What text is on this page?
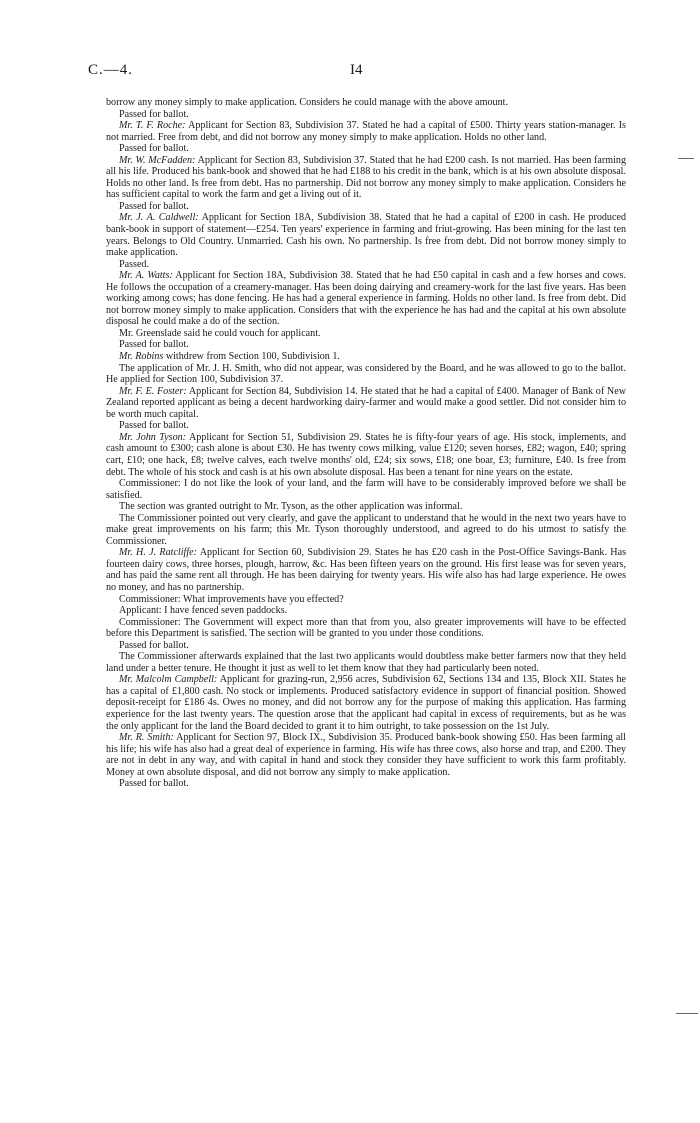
C.—4.	I4

borrow any money simply to make application. Considers he could manage with the above amount.

Passed for ballot.

Mr. T. F. Roche: Applicant for Section 83, Subdivision 37. Stated he had a capital of £500. Thirty years station-manager. Is not married. Free from debt, and did not borrow any money simply to make application. Holds no other land.

Passed for ballot.

Mr. W. McFadden: Applicant for Section 83, Subdivision 37. Stated that he had £200 cash. Is not married. Has been farming all his life. Produced his bank-book and showed that he had £188 to his credit in the bank, which is at his own absolute disposal. Holds no other land. Is free from debt. Has no partnership. Did not borrow any money simply to make application. Considers he has sufficient capital to work the farm and get a living out of it.

Passed for ballot.

Mr. J. A. Caldwell: Applicant for Section 18A, Subdivision 38. Stated that he had a capital of £200 in cash. He produced bank-book in support of statement—£254. Ten years' experience in farming and friut-growing. Has been mining for the last ten years. Belongs to Old Country. Unmarried. Cash his own. No partnership. Is free from debt. Did not borrow money simply to make application.

Passed.

Mr. A. Watts: Applicant for Section 18A, Subdivision 38. Stated that he had £50 capital in cash and a few horses and cows. He follows the occupation of a creamery-manager. Has been doing dairying and creamery-work for the last five years. Has been working among cows; has done fencing. He has had a general experience in farming. Holds no other land. Is free from debt. Did not borrow money simply to make application. Considers that with the experience he has had and the capital at his own absolute disposal he could make a do of the section.

Mr. Greenslade said he could vouch for applicant.

Passed for ballot.

Mr. Robins withdrew from Section 100, Subdivision 1.

The application of Mr. J. H. Smith, who did not appear, was considered by the Board, and he was allowed to go to the ballot. He applied for Section 100, Subdivision 37.

Mr. F. E. Foster: Applicant for Section 84, Subdivision 14. He stated that he had a capital of £400. Manager of Bank of New Zealand reported applicant as being a decent hardworking dairy-farmer and would make a good settler. Did not consider him to be worth much capital.

Passed for ballot.

Mr. John Tyson: Applicant for Section 51, Subdivision 29. States he is fifty-four years of age. His stock, implements, and cash amount to £300; cash alone is about £30. He has twenty cows milking, value £120; seven horses, £82; wagon, £40; spring cart, £10; one hack, £8; twelve calves, each twelve months' old, £24; six sows, £18; one boar, £3; furniture, £40. Is free from debt. The whole of his stock and cash is at his own absolute disposal. Has been a tenant for nine years on the estate.

Commissioner: I do not like the look of your land, and the farm will have to be considerably improved before we shall be satisfied.

The section was granted outright to Mr. Tyson, as the other application was informal.

The Commissioner pointed out very clearly, and gave the applicant to understand that he would in the next two years have to make great improvements on his farm; this Mr. Tyson thoroughly understood, and agreed to do his utmost to satisfy the Commissioner.

Mr. H. J. Ratcliffe: Applicant for Section 60, Subdivision 29. States he has £20 cash in the Post-Office Savings-Bank. Has fourteen dairy cows, three horses, plough, harrow, &c. Has been fifteen years on the ground. His first lease was for seven years, and has paid the same rent all through. He has been dairying for twenty years. His wife also has had large experience. He owes no money, and has no partnership.

Commissioner: What improvements have you effected?

Applicant: I have fenced seven paddocks.

Commissioner: The Government will expect more than that from you, also greater improvements will have to be effected before this Department is satisfied. The section will be granted to you under those conditions.

Passed for ballot.

The Commissioner afterwards explained that the last two applicants would doubtless make better farmers now that they held land under a better tenure. He thought it just as well to let them know that they had particularly been noted.

Mr. Malcolm Campbell: Applicant for grazing-run, 2,956 acres, Subdivision 62, Sections 134 and 135, Block XII. States he has a capital of £1,800 cash. No stock or implements. Produced satisfactory evidence in support of financial position. Showed deposit-receipt for £186 4s. Owes no money, and did not borrow any for the purpose of making this application. Has farming experience for the last twenty years. The question arose that the applicant had capital in excess of requirements, but as he was the only applicant for the land the Board decided to grant it to him outright, to take possession on the 1st July.

Mr. R. Smith: Applicant for Section 97, Block IX., Subdivision 35. Produced bank-book showing £50. Has been farming all his life; his wife has also had a great deal of experience in farming. His wife has three cows, also horse and trap, and £200. They are not in debt in any way, and with capital in hand and stock they consider they have sufficient to work this farm profitably. Money at own absolute disposal, and did not borrow any simply to make application.

Passed for ballot.
